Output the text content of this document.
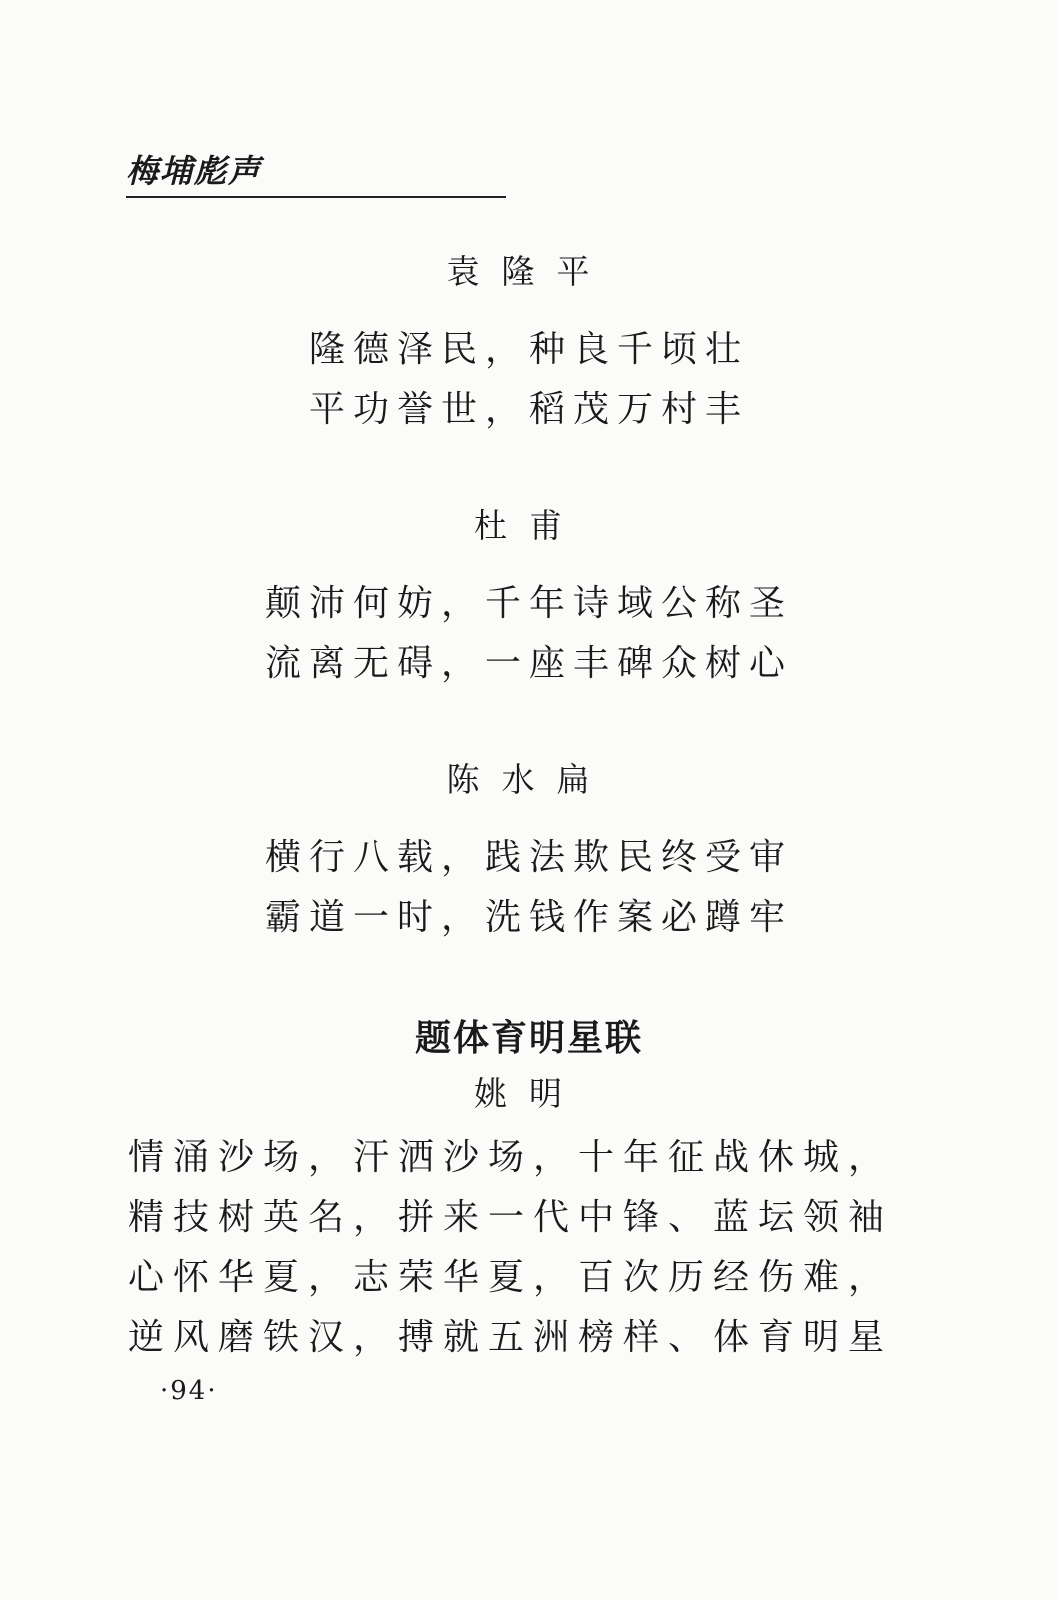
梅埔彪声
袁隆平
隆德泽民，种良千顷壮
平功誉世，稻茂万村丰
杜甫
颠沛何妨，千年诗域公称圣
流离无碍，一座丰碑众树心
陈水扁
横行八载，践法欺民终受审
霸道一时，洗钱作案必蹲牢
题体育明星联
姚明

情涌沙场，汗洒沙场，十年征战休城，精技树英名，拼来一代中锋、蓝坛领袖

心怀华夏，志荣华夏，百次历经伤难，逆风磨铁汉，搏就五洲榜样、体育明星

·94·
